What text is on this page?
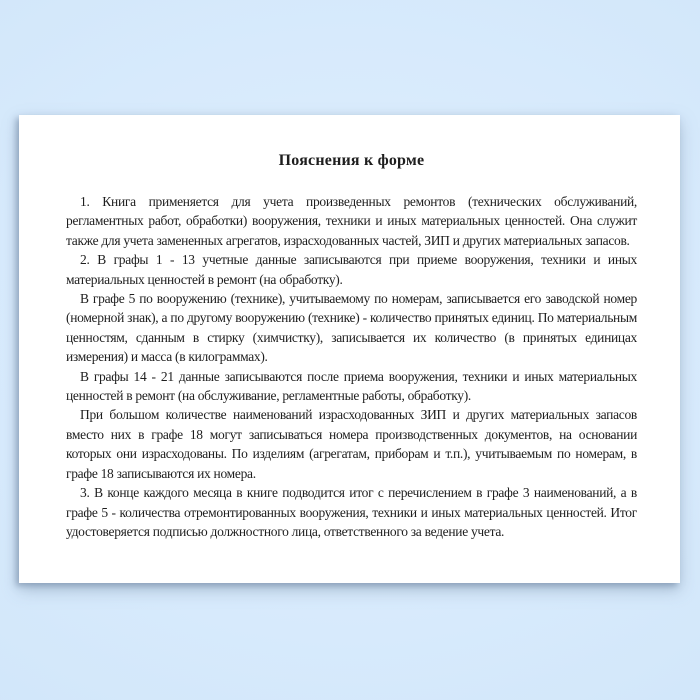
Пояснения к форме

1. Книга применяется для учета произведенных ремонтов (технических обслуживаний, регламентных работ, обработки) вооружения, техники и иных материальных ценностей. Она служит также для учета замененных агрегатов, израсходованных частей, ЗИП и других материальных запасов.

2. В графы 1 - 13 учетные данные записываются при приеме вооружения, техники и иных материальных ценностей в ремонт (на обработку).

В графе 5 по вооружению (технике), учитываемому по номерам, записывается его заводской номер (номерной знак), а по другому вооружению (технике) - количество принятых единиц. По материальным ценностям, сданным в стирку (химчистку), записывается их количество (в принятых единицах измерения) и масса (в килограммах).

В графы 14 - 21 данные записываются после приема вооружения, техники и иных материальных ценностей в ремонт (на обслуживание, регламентные работы, обработку).

При большом количестве наименований израсходованных ЗИП и других материальных запасов вместо них в графе 18 могут записываться номера производственных документов, на основании которых они израсходованы. По изделиям (агрегатам, приборам и т.п.), учитываемым по номерам, в графе 18 записываются их номера.

3. В конце каждого месяца в книге подводится итог с перечислением в графе 3 наименований, а в графе 5 - количества отремонтированных вооружения, техники и иных материальных ценностей. Итог удостоверяется подписью должностного лица, ответственного за ведение учета.
